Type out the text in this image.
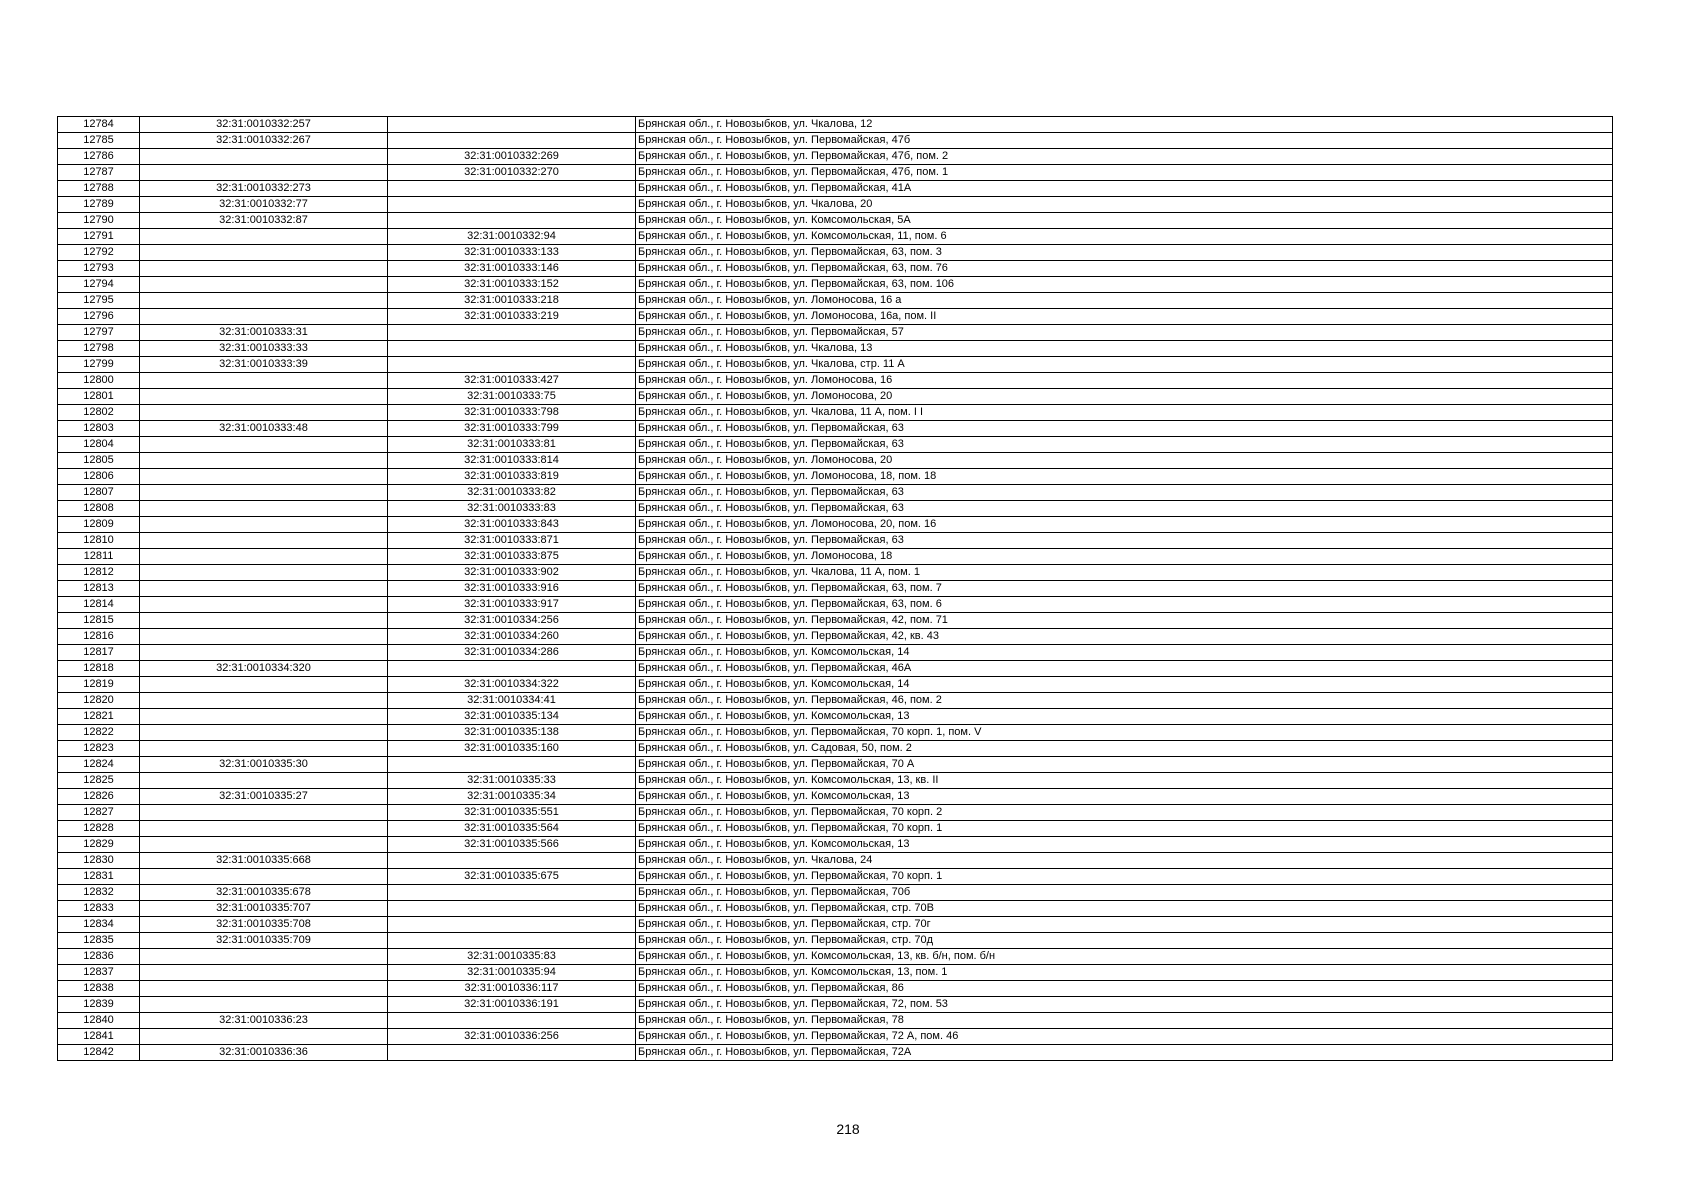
12784	32:31:0010332:257		Брянская обл., г. Новозыбков, ул. Чкалова, 12
12785	32:31:0010332:267		Брянская обл., г. Новозыбков, ул. Первомайская, 47б
12786		32:31:0010332:269	Брянская обл., г. Новозыбков, ул. Первомайская, 47б, пом. 2
12787		32:31:0010332:270	Брянская обл., г. Новозыбков, ул. Первомайская, 47б, пом. 1
12788	32:31:0010332:273		Брянская обл., г. Новозыбков, ул. Первомайская, 41А
12789	32:31:0010332:77		Брянская обл., г. Новозыбков, ул. Чкалова, 20
12790	32:31:0010332:87		Брянская обл., г. Новозыбков, ул. Комсомольская, 5А
12791		32:31:0010332:94	Брянская обл., г. Новозыбков, ул. Комсомольская, 11, пом. 6
12792		32:31:0010333:133	Брянская обл., г. Новозыбков, ул. Первомайская, 63, пом. 3
12793		32:31:0010333:146	Брянская обл., г. Новозыбков, ул. Первомайская, 63, пом. 76
12794		32:31:0010333:152	Брянская обл., г. Новозыбков, ул. Первомайская, 63, пом. 106
12795		32:31:0010333:218	Брянская обл., г. Новозыбков, ул. Ломоносова, 16 а
12796		32:31:0010333:219	Брянская обл., г. Новозыбков, ул. Ломоносова, 16а, пом. II
12797	32:31:0010333:31		Брянская обл., г. Новозыбков, ул. Первомайская, 57
12798	32:31:0010333:33		Брянская обл., г. Новозыбков, ул. Чкалова, 13
12799	32:31:0010333:39		Брянская обл., г. Новозыбков, ул. Чкалова, стр. 11 А
12800		32:31:0010333:427	Брянская обл., г. Новозыбков, ул. Ломоносова, 16
12801		32:31:0010333:75	Брянская обл., г. Новозыбков, ул. Ломоносова, 20
12802		32:31:0010333:798	Брянская обл., г. Новозыбков, ул. Чкалова, 11 А, пом. I I
12803	32:31:0010333:48	32:31:0010333:799	Брянская обл., г. Новозыбков, ул. Первомайская, 63
12804		32:31:0010333:81	Брянская обл., г. Новозыбков, ул. Первомайская, 63
12805		32:31:0010333:814	Брянская обл., г. Новозыбков, ул. Ломоносова, 20
12806		32:31:0010333:819	Брянская обл., г. Новозыбков, ул. Ломоносова, 18, пом. 18
12807		32:31:0010333:82	Брянская обл., г. Новозыбков, ул. Первомайская, 63
12808		32:31:0010333:83	Брянская обл., г. Новозыбков, ул. Первомайская, 63
12809		32:31:0010333:843	Брянская обл., г. Новозыбков, ул. Ломоносова, 20, пом. 16
12810		32:31:0010333:871	Брянская обл., г. Новозыбков, ул. Первомайская, 63
12811		32:31:0010333:875	Брянская обл., г. Новозыбков, ул. Ломоносова, 18
12812		32:31:0010333:902	Брянская обл., г. Новозыбков, ул. Чкалова, 11 А, пом. 1
12813		32:31:0010333:916	Брянская обл., г. Новозыбков, ул. Первомайская, 63, пом. 7
12814		32:31:0010333:917	Брянская обл., г. Новозыбков, ул. Первомайская, 63, пом. 6
12815		32:31:0010334:256	Брянская обл., г. Новозыбков, ул. Первомайская, 42, пом. 71
12816		32:31:0010334:260	Брянская обл., г. Новозыбков, ул. Первомайская, 42, кв. 43
12817		32:31:0010334:286	Брянская обл., г. Новозыбков, ул. Комсомольская, 14
12818	32:31:0010334:320		Брянская обл., г. Новозыбков, ул. Первомайская, 46А
12819		32:31:0010334:322	Брянская обл., г. Новозыбков, ул. Комсомольская, 14
12820		32:31:0010334:41	Брянская обл., г. Новозыбков, ул. Первомайская, 46, пом. 2
12821		32:31:0010335:134	Брянская обл., г. Новозыбков, ул. Комсомольская, 13
12822		32:31:0010335:138	Брянская обл., г. Новозыбков, ул. Первомайская, 70 корп. 1, пом. V
12823		32:31:0010335:160	Брянская обл., г. Новозыбков, ул. Садовая, 50, пом. 2
12824	32:31:0010335:30		Брянская обл., г. Новозыбков, ул. Первомайская, 70 А
12825		32:31:0010335:33	Брянская обл., г. Новозыбков, ул. Комсомольская, 13, кв. II
12826	32:31:0010335:27	32:31:0010335:34	Брянская обл., г. Новозыбков, ул. Комсомольская, 13
12827		32:31:0010335:551	Брянская обл., г. Новозыбков, ул. Первомайская, 70 корп. 2
12828		32:31:0010335:564	Брянская обл., г. Новозыбков, ул. Первомайская, 70 корп. 1
12829		32:31:0010335:566	Брянская обл., г. Новозыбков, ул. Комсомольская, 13
12830	32:31:0010335:668		Брянская обл., г. Новозыбков, ул. Чкалова, 24
12831		32:31:0010335:675	Брянская обл., г. Новозыбков, ул. Первомайская, 70 корп. 1
12832	32:31:0010335:678		Брянская обл., г. Новозыбков, ул. Первомайская, 70б
12833	32:31:0010335:707		Брянская обл., г. Новозыбков, ул. Первомайская, стр. 70В
12834	32:31:0010335:708		Брянская обл., г. Новозыбков, ул. Первомайская, стр. 70г
12835	32:31:0010335:709		Брянская обл., г. Новозыбков, ул. Первомайская, стр. 70д
12836		32:31:0010335:83	Брянская обл., г. Новозыбков, ул. Комсомольская, 13, кв. б/н, пом. б/н
12837		32:31:0010335:94	Брянская обл., г. Новозыбков, ул. Комсомольская, 13, пом. 1
12838		32:31:0010336:117	Брянская обл., г. Новозыбков, ул. Первомайская, 86
12839		32:31:0010336:191	Брянская обл., г. Новозыбков, ул. Первомайская, 72, пом. 53
12840	32:31:0010336:23		Брянская обл., г. Новозыбков, ул. Первомайская, 78
12841		32:31:0010336:256	Брянская обл., г. Новозыбков, ул. Первомайская, 72 А, пом. 46
12842	32:31:0010336:36		Брянская обл., г. Новозыбков, ул. Первомайская, 72А
218
